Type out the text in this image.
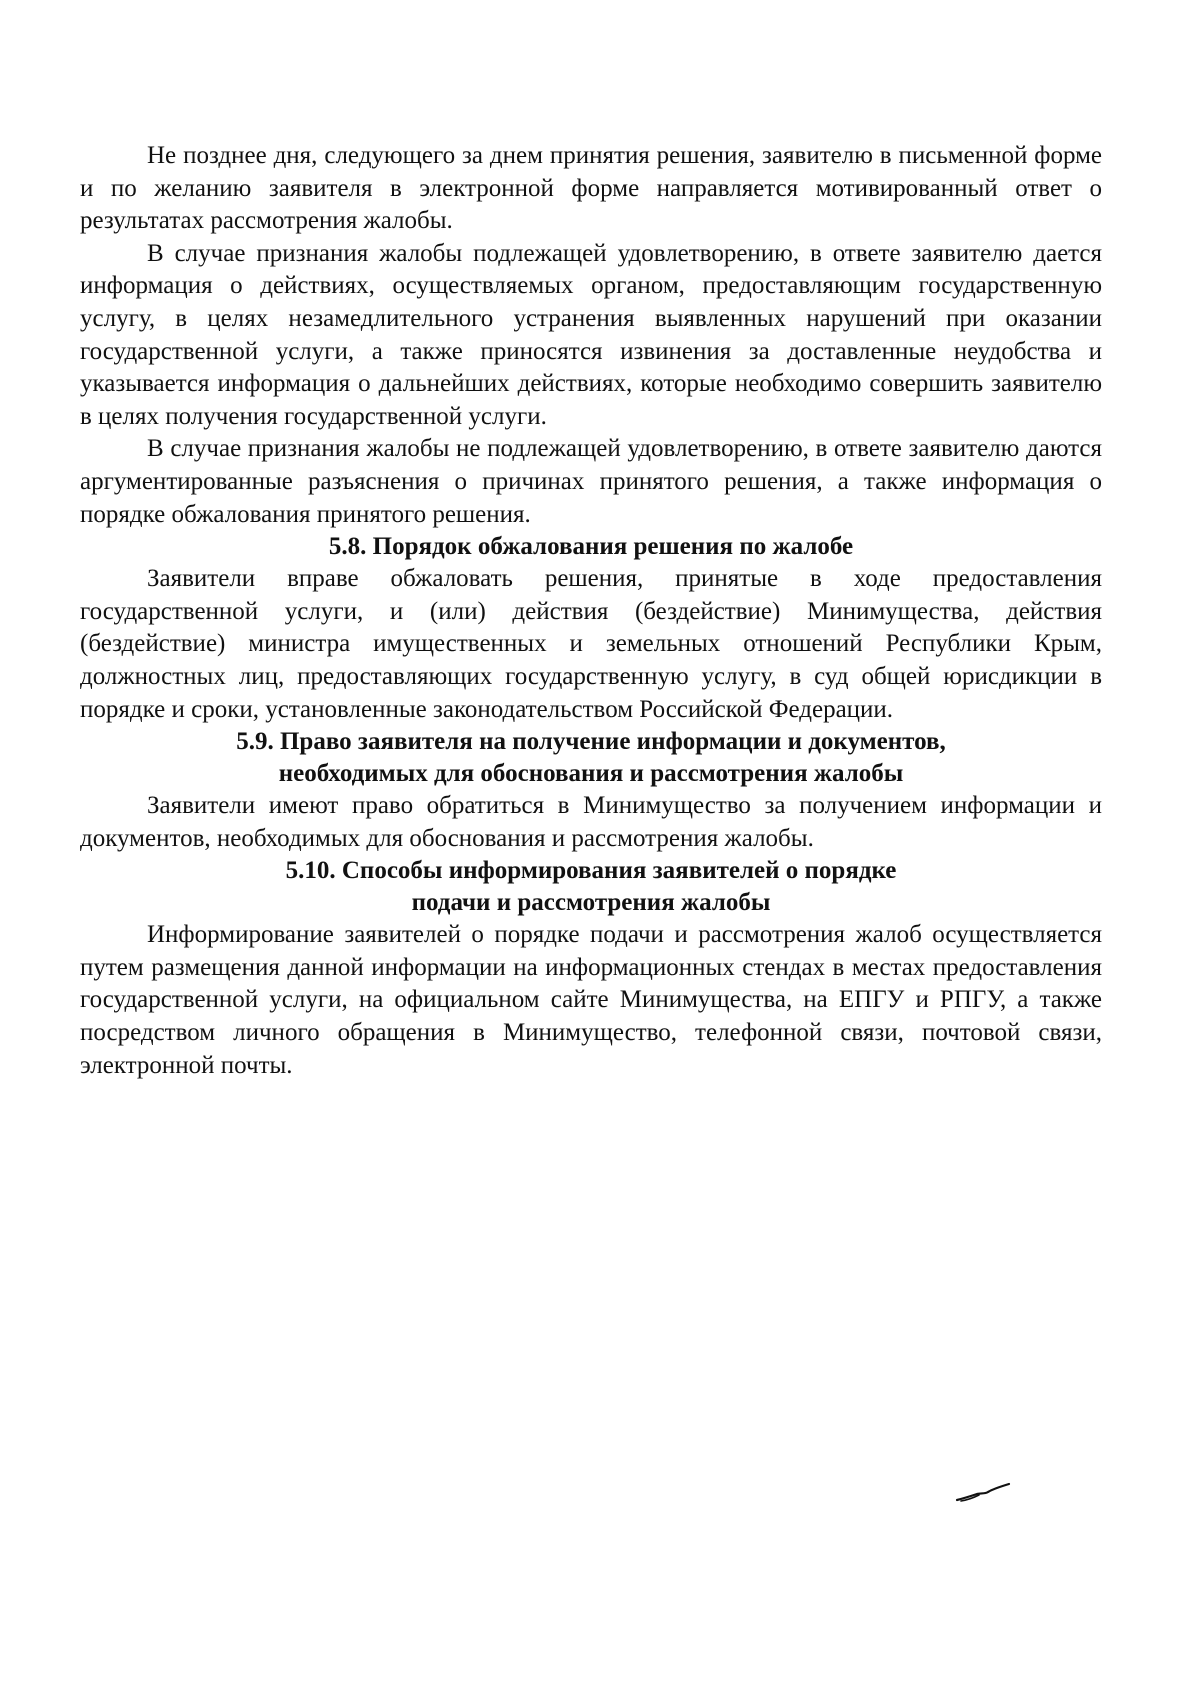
Не позднее дня, следующего за днем принятия решения, заявителю в письменной форме и по желанию заявителя в электронной форме направляется мотивированный ответ о результатах рассмотрения жалобы.

В случае признания жалобы подлежащей удовлетворению, в ответе заявителю дается информация о действиях, осуществляемых органом, предоставляющим государственную услугу, в целях незамедлительного устранения выявленных нарушений при оказании государственной услуги, а также приносятся извинения за доставленные неудобства и указывается информация о дальнейших действиях, которые необходимо совершить заявителю в целях получения государственной услуги.

В случае признания жалобы не подлежащей удовлетворению, в ответе заявителю даются аргументированные разъяснения о причинах принятого решения, а также информация о порядке обжалования принятого решения.

5.8. Порядок обжалования решения по жалобе

Заявители вправе обжаловать решения, принятые в ходе предоставления государственной услуги, и (или) действия (бездействие) Минимущества, действия (бездействие) министра имущественных и земельных отношений Республики Крым, должностных лиц, предоставляющих государственную услугу, в суд общей юрисдикции в порядке и сроки, установленные законодательством Российской Федерации.

5.9. Право заявителя на получение информации и документов,
необходимых для обоснования и рассмотрения жалобы

Заявители имеют право обратиться в Минимущество за получением информации и документов, необходимых для обоснования и рассмотрения жалобы.

5.10. Способы информирования заявителей о порядке
подачи и рассмотрения жалобы

Информирование заявителей о порядке подачи и рассмотрения жалоб осуществляется путем размещения данной информации на информационных стендах в местах предоставления государственной услуги, на официальном сайте Минимущества, на ЕПГУ и РПГУ, а также посредством личного обращения в Минимущество, телефонной связи, почтовой связи, электронной почты.
